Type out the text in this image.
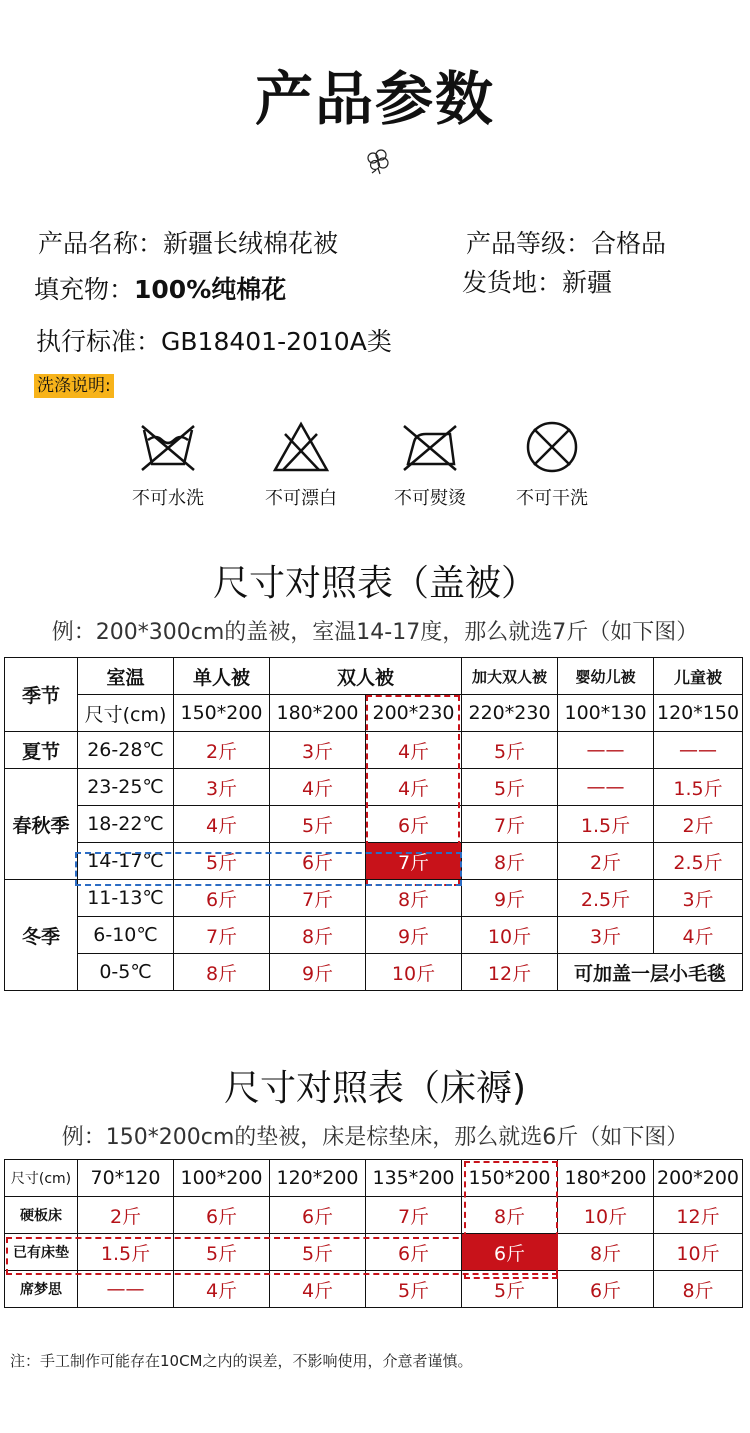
产品参数
产品名称：新疆长绒棉花被	产品等级：合格品
填充物：100%纯棉花	发货地：新疆
执行标准：GB18401-2010A类
洗涤说明:
不可水洗	不可漂白	不可熨烫	不可干洗
尺寸对照表（盖被）
例：200*300cm的盖被，室温14-17度，那么就选7斤（如下图）
季节	室温	单人被	双人被		加大双人被	婴幼儿被	儿童被
	尺寸(cm)	150*200	180*200	200*230	220*230	100*130	120*150
夏节	26-28℃	2斤	3斤	4斤	5斤	——	——
春秋季	23-25℃	3斤	4斤	4斤	5斤	——	1.5斤
	18-22℃	4斤	5斤	6斤	7斤	1.5斤	2斤
	14-17℃	5斤	6斤	7斤	8斤	2斤	2.5斤
冬季	11-13℃	6斤	7斤	8斤	9斤	2.5斤	3斤
	6-10℃	7斤	8斤	9斤	10斤	3斤	4斤
	0-5℃	8斤	9斤	10斤	12斤	可加盖一层小毛毯	
尺寸对照表（床褥)
例：150*200cm的垫被，床是棕垫床，那么就选6斤（如下图）
尺寸(cm)	70*120	100*200	120*200	135*200	150*200	180*200	200*200
硬板床	2斤	6斤	6斤	7斤	8斤	10斤	12斤
已有床垫	1.5斤	5斤	5斤	6斤	6斤	8斤	10斤
席梦思	——	4斤	4斤	5斤	5斤	6斤	8斤
注：手工制作可能存在10CM之内的误差，不影响使用，介意者谨慎。
